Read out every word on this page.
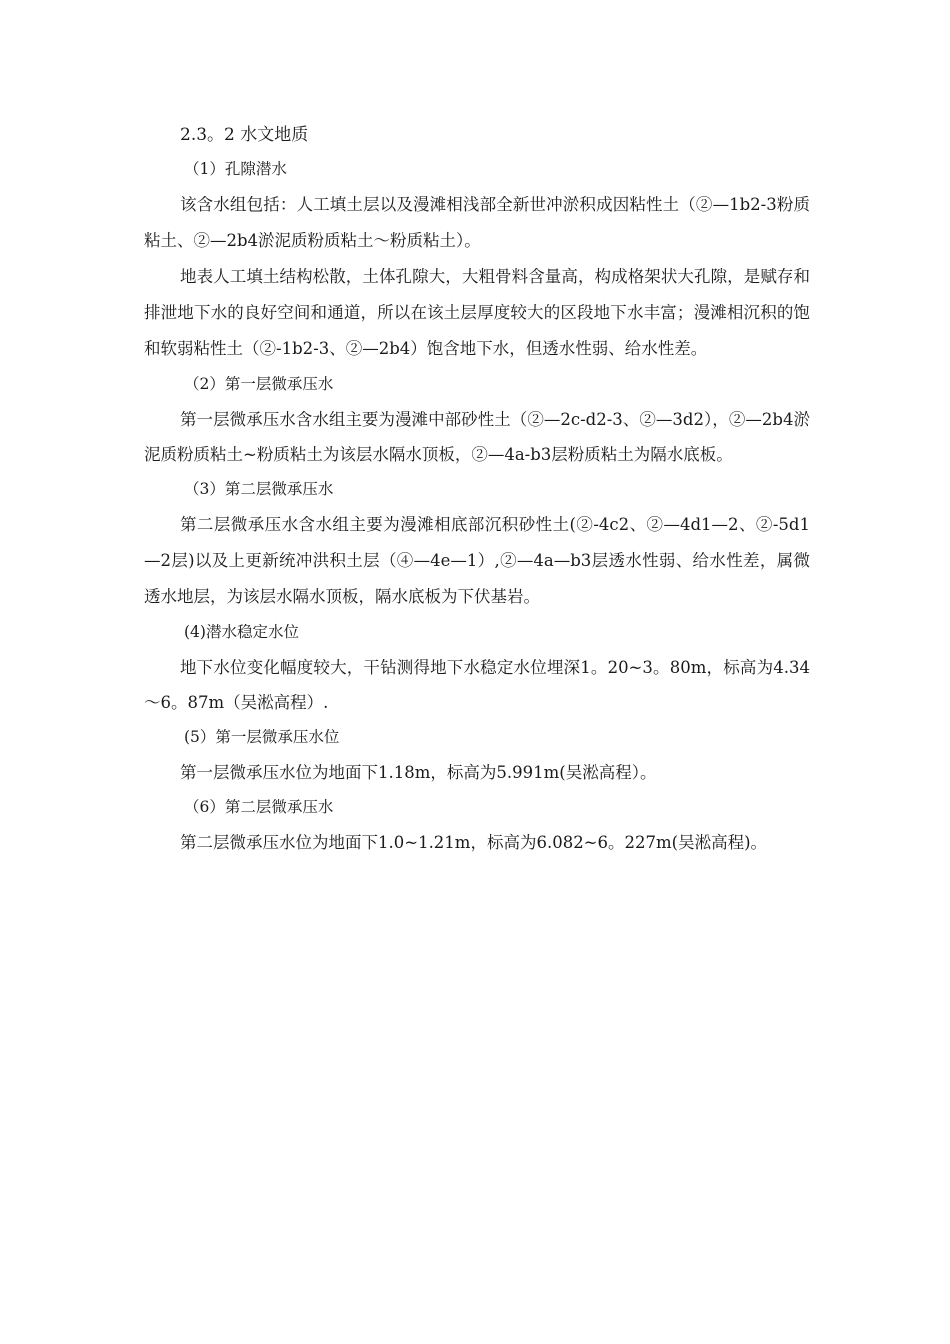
2.3。2 水文地质
（1）孔隙潜水

该含水组包括：人工填土层以及漫滩相浅部全新世冲淤积成因粘性土（②—1b2-3粉质粘土、②—2b4淤泥质粉质粘土～粉质粘土）。

地表人工填土结构松散，土体孔隙大，大粗骨料含量高，构成格架状大孔隙，是赋存和排泄地下水的良好空间和通道，所以在该土层厚度较大的区段地下水丰富；漫滩相沉积的饱和软弱粘性土（②-1b2-3、②—2b4）饱含地下水，但透水性弱、给水性差。

（2）第一层微承压水

第一层微承压水含水组主要为漫滩中部砂性土（②—2c-d2-3、②—3d2），②—2b4淤泥质粉质粘土~粉质粘土为该层水隔水顶板，②—4a-b3层粉质粘土为隔水底板。

（3）第二层微承压水

第二层微承压水含水组主要为漫滩相底部沉积砂性土(②-4c2、②—4d1—2、②-5d1—2层)以及上更新统冲洪积土层（④—4e—1）,②—4a—b3层透水性弱、给水性差，属微透水地层，为该层水隔水顶板，隔水底板为下伏基岩。

(4)潜水稳定水位

地下水位变化幅度较大，干钻测得地下水稳定水位埋深1。20~3。80m，标高为4.34～6。87m（吴淞高程）.

(5）第一层微承压水位

第一层微承压水位为地面下1.18m，标高为5.991m(吴淞高程）。

（6）第二层微承压水

第二层微承压水位为地面下1.0~1.21m，标高为6.082~6。227m(吴淞高程)。
